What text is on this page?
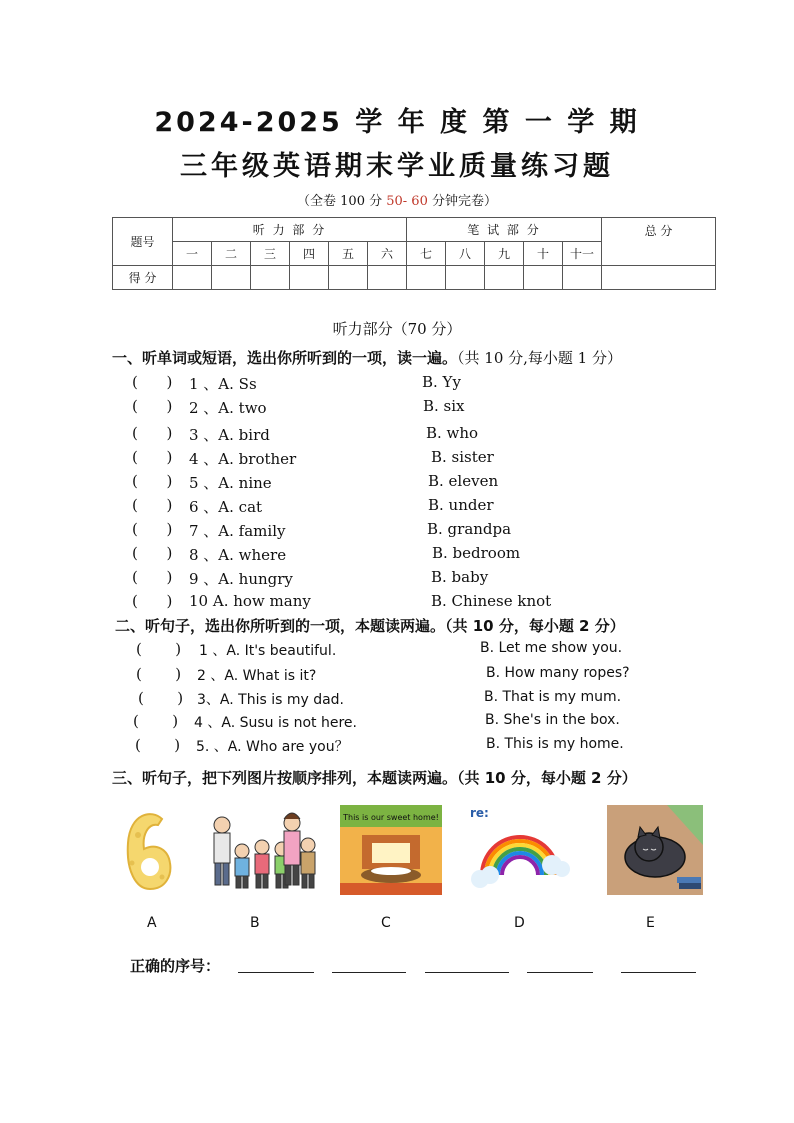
2024-2025 学 年 度 第 一 学 期
三年级英语期末学业质量练习题
（全卷 100 分 50- 60 分钟完卷）
题号	听 力 部 分						笔 试 部 分					总 分
	一	二	三	四	五	六	七	八	九	十	十一	
得 分												
听力部分（70 分）
一、听单词或短语，选出你所听到的一项，读一遍。（共 10 分,每小题 1 分）
(      ) 1 、A. Ss	B. Yy
(      ) 2 、A. two	B. six
(      ) 3 、A. bird	B. who
(      ) 4 、A. brother	B. sister
(      ) 5 、A. nine	B. eleven
(      ) 6 、A. cat	B. under
(      ) 7 、A. family	B. grandpa
(      ) 8 、A. where	B. bedroom
(      ) 9 、A. hungry	B. baby
(      ) 10 A. how many	B. Chinese knot
二、听句子，选出你所听到的一项，本题读两遍。（共 10 分，每小题 2 分）
(       ) 1 、A. It's beautiful.	B. Let me show you.
(       ) 2 、A. What is it?	B. How many ropes?
(       ) 3、A. This is my dad.	B. That is my mum.
(       ) 4 、A. Susu is not here.	B. She's in the box.
(       ) 5. 、A. Who are you？	B. This is my home.
三、听句子，把下列图片按顺序排列，本题读两遍。（共 10 分，每小题 2 分）
This is our sweet home!	re:
A	B	C	D	E
正确的序号：
